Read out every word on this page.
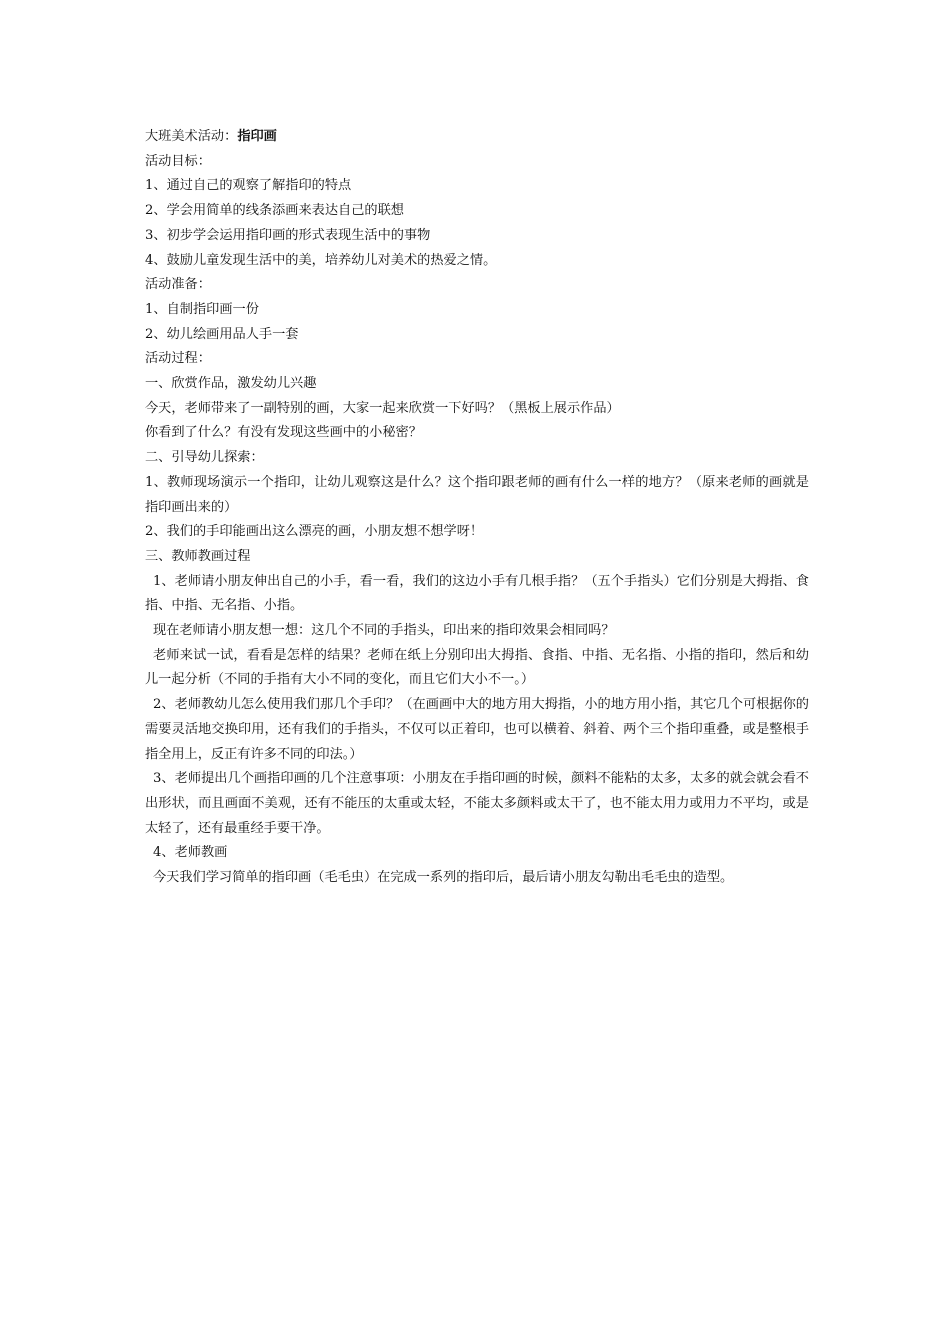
大班美术活动：指印画

活动目标：

1、通过自己的观察了解指印的特点

2、学会用简单的线条添画来表达自己的联想

3、初步学会运用指印画的形式表现生活中的事物

4、鼓励儿童发现生活中的美，培养幼儿对美术的热爱之情。

活动准备：

1、自制指印画一份

2、幼儿绘画用品人手一套

活动过程：

一、欣赏作品，激发幼儿兴趣

今天，老师带来了一副特别的画，大家一起来欣赏一下好吗？（黑板上展示作品）

你看到了什么？有没有发现这些画中的小秘密？

二、引导幼儿探索：

1、教师现场演示一个指印，让幼儿观察这是什么？这个指印跟老师的画有什么一样的地方？（原来老师的画就是指印画出来的）

2、我们的手印能画出这么漂亮的画，小朋友想不想学呀！

三、教师教画过程

1、老师请小朋友伸出自己的小手，看一看，我们的这边小手有几根手指？（五个手指头）它们分别是大拇指、食指、中指、无名指、小指。

现在老师请小朋友想一想：这几个不同的手指头，印出来的指印效果会相同吗？

老师来试一试，看看是怎样的结果？老师在纸上分别印出大拇指、食指、中指、无名指、小指的指印，然后和幼儿一起分析（不同的手指有大小不同的变化，而且它们大小不一。）

2、老师教幼儿怎么使用我们那几个手印？（在画画中大的地方用大拇指，小的地方用小指，其它几个可根据你的需要灵活地交换印用，还有我们的手指头，不仅可以正着印，也可以横着、斜着、两个三个指印重叠，或是整根手指全用上，反正有许多不同的印法。）

3、老师提出几个画指印画的几个注意事项：小朋友在手指印画的时候，颜料不能粘的太多，太多的就会就会看不出形状，而且画面不美观，还有不能压的太重或太轻，不能太多颜料或太干了，也不能太用力或用力不平均，或是太轻了，还有最重经手要干净。

4、老师教画

今天我们学习简单的指印画（毛毛虫）在完成一系列的指印后，最后请小朋友勾勒出毛毛虫的造型。
